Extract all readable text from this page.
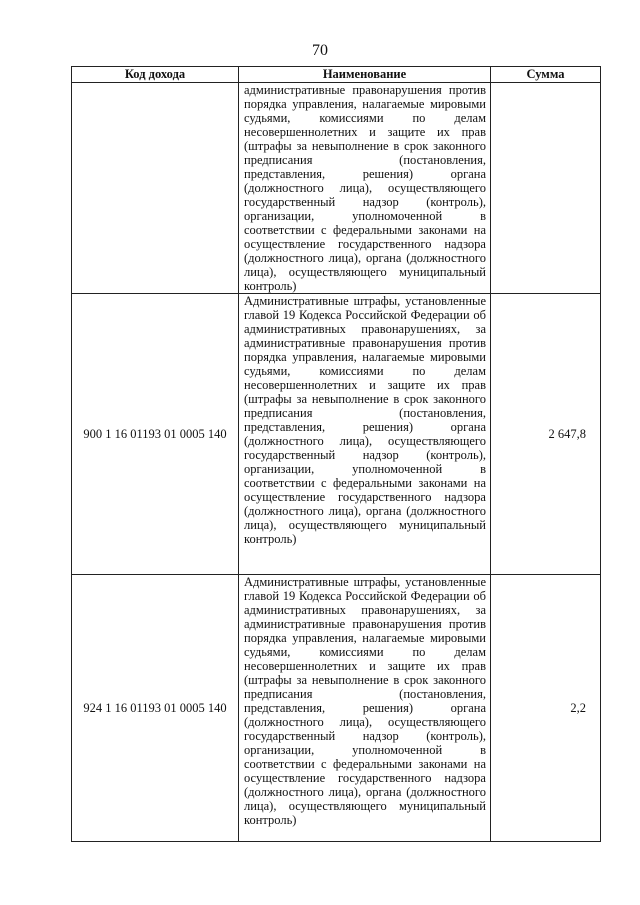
70
Код дохода	Наименование	Сумма

	административные правонарушения против порядка управления, налагаемые мировыми судьями, комиссиями по делам несовершеннолетних и защите их прав (штрафы за невыполнение в срок законного предписания (постановления, представления, решения) органа (должностного лица), осуществляющего государственный надзор (контроль), организации, уполномоченной в соответствии с федеральными законами на осуществление государственного надзора (должностного лица), органа (должностного лица), осуществляющего муниципальный контроль)	

900 1 16 01193 01 0005 140	Административные штрафы, установленные главой 19 Кодекса Российской Федерации об административных правонарушениях, за административные правонарушения против порядка управления, налагаемые мировыми судьями, комиссиями по делам несовершеннолетних и защите их прав (штрафы за невыполнение в срок законного предписания (постановления, представления, решения) органа (должностного лица), осуществляющего государственный надзор (контроль), организации, уполномоченной в соответствии с федеральными законами на осуществление государственного надзора (должностного лица), органа (должностного лица), осуществляющего муниципальный контроль)	2 647,8
924 1 16 01193 01 0005 140	Административные штрафы, установленные главой 19 Кодекса Российской Федерации об административных правонарушениях, за административные правонарушения против порядка управления, налагаемые мировыми судьями, комиссиями по делам несовершеннолетних и защите их прав (штрафы за невыполнение в срок законного предписания (постановления, представления, решения) органа (должностного лица), осуществляющего государственный надзор (контроль), организации, уполномоченной в соответствии с федеральными законами на осуществление государственного надзора (должностного лица), органа (должностного лица), осуществляющего муниципальный контроль)	2,2
